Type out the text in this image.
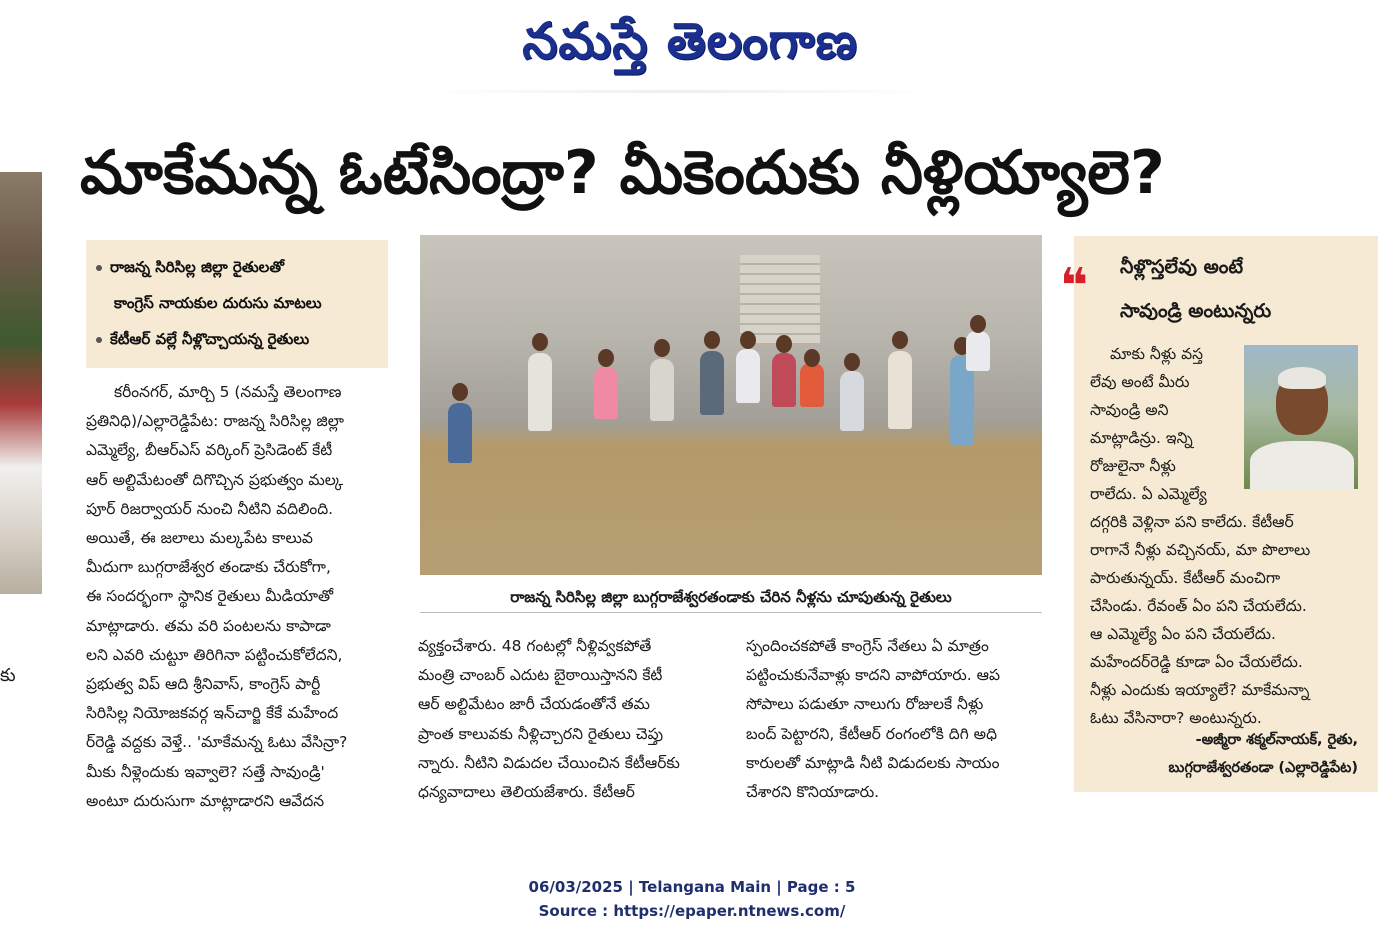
నమస్తే తెలంగాణ
మాకేమన్న ఓటేసింద్రా? మీకెందుకు నీళ్లియ్యాలె?
కు
రాజన్న సిరిసిల్ల జిల్లా రైతులతో
కాంగ్రెస్ నాయకుల దురుసు మాటలు
కేటీఆర్ వల్లే నీళ్లొచ్చాయన్న రైతులు
కరీంనగర్, మార్చి 5 (నమస్తే తెలంగాణ
ప్రతినిధి)/ఎల్లారెడ్డిపేట: రాజన్న సిరిసిల్ల జిల్లా
ఎమ్మెల్యే, బీఆర్ఎస్ వర్కింగ్ ప్రెసిడెంట్ కేటీ
ఆర్ అల్టిమేటంతో దిగొచ్చిన ప్రభుత్వం మల్క
పూర్ రిజర్వాయర్ నుంచి నీటిని వదిలింది.
అయితే, ఈ జలాలు మల్కపేట కాలువ
మీదుగా బుగ్గరాజేశ్వర తండాకు చేరుకోగా,
ఈ సందర్భంగా స్థానిక రైతులు మీడియాతో
మాట్లాడారు. తమ వరి పంటలను కాపాడా
లని ఎవరి చుట్టూ తిరిగినా పట్టించుకోలేదని,
ప్రభుత్వ విప్ ఆది శ్రీనివాస్, కాంగ్రెస్ పార్టీ
సిరిసిల్ల నియోజకవర్గ ఇన్‌చార్జి కేకే మహేంద
ర్‌రెడ్డి వద్దకు వెళ్తే.. 'మాకేమన్న ఓటు వేసిన్రా?
మీకు నీళ్లెందుకు ఇవ్వాలె? సత్తే సావుండ్రి'
అంటూ దురుసుగా మాట్లాడారని ఆవేదన
రాజన్న సిరిసిల్ల జిల్లా బుగ్గరాజేశ్వరతండాకు చేరిన నీళ్లను చూపుతున్న రైతులు
వ్యక్తంచేశారు. 48 గంటల్లో నీళ్లివ్వకపోతే
మంత్రి చాంబర్ ఎదుట బైఠాయిస్తానని కేటీ
ఆర్ అల్టిమేటం జారీ చేయడంతోనే తమ
ప్రాంత కాలువకు నీళ్లిచ్చారని రైతులు చెప్తు
న్నారు. నీటిని విడుదల చేయించిన కేటీఆర్‌కు
ధన్యవాదాలు తెలియజేశారు. కేటీఆర్
స్పందించకపోతే కాంగ్రెస్ నేతలు ఏ మాత్రం
పట్టించుకునేవాళ్లు కాదని వాపోయారు. ఆప
సోపాలు పడుతూ నాలుగు రోజులకే నీళ్లు
బంద్ పెట్టారని, కేటీఆర్ రంగంలోకి దిగి అధి
కారులతో మాట్లాడి నీటి విడుదలకు సాయం
చేశారని కొనియాడారు.
❝ నీళ్లొస్తలేవు అంటే
సావుండ్రి అంటున్నరు
మాకు నీళ్లు వస్త
లేవు అంటే మీరు
సావుండ్రి అని
మాట్లాడిన్రు. ఇన్ని
రోజులైనా నీళ్లు
రాలేదు. ఏ ఎమ్మెల్యే
దగ్గరికి వెళ్లినా పని కాలేదు. కేటీఆర్
రాగానే నీళ్లు వచ్చినయ్, మా పొలాలు
పారుతున్నయ్. కేటీఆర్ మంచిగా
చేసిండు. రేవంత్ ఏం పని చేయలేదు.
ఆ ఎమ్మెల్యే ఏం పని చేయలేదు.
మహేందర్‌రెడ్డి కూడా ఏం చేయలేదు.
నీళ్లు ఎందుకు ఇయ్యాలే? మాకేమన్నా
ఓటు వేసినారా? అంటున్నరు.
-అజ్మీరా శక్మల్‌నాయక్, రైతు,
బుగ్గరాజేశ్వరతండా (ఎల్లారెడ్డిపేట)
06/03/2025 | Telangana Main | Page : 5
Source : https://epaper.ntnews.com/
